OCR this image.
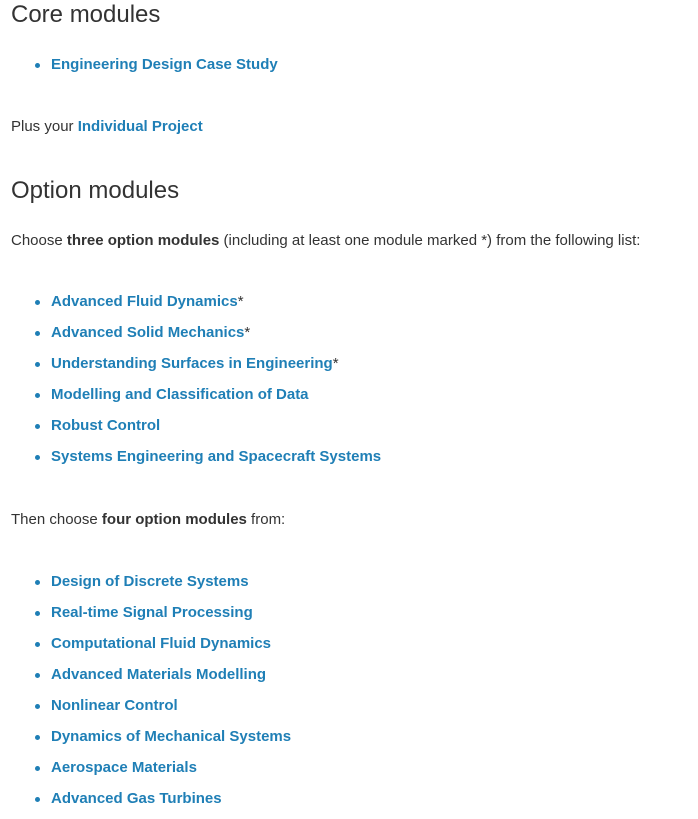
Core modules
Engineering Design Case Study

Plus your Individual Project

Option modules

Choose three option modules (including at least one module marked *) from the following list:

Advanced Fluid Dynamics*
Advanced Solid Mechanics*
Understanding Surfaces in Engineering*
Modelling and Classification of Data
Robust Control
Systems Engineering and Spacecraft Systems

Then choose four option modules from:

Design of Discrete Systems
Real-time Signal Processing
Computational Fluid Dynamics
Advanced Materials Modelling
Nonlinear Control
Dynamics of Mechanical Systems
Aerospace Materials
Advanced Gas Turbines
